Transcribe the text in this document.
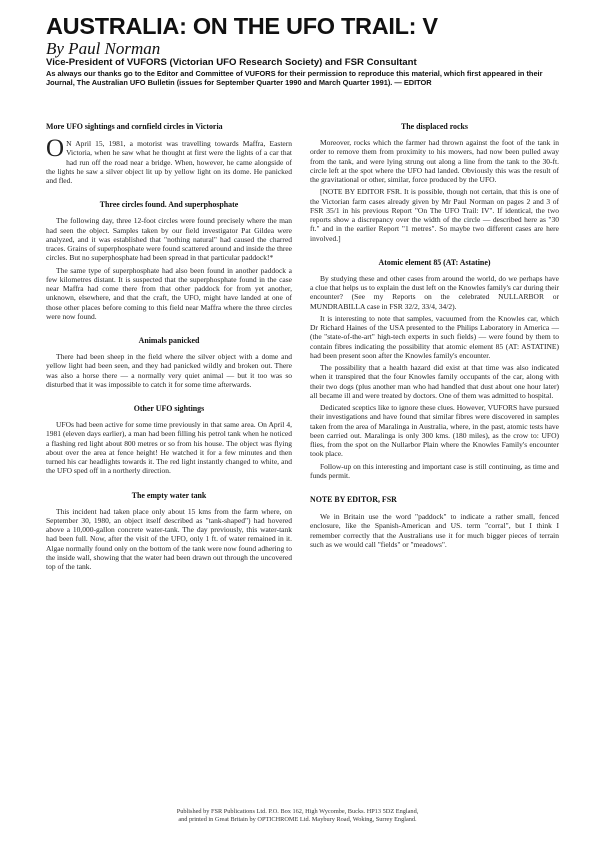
AUSTRALIA: ON THE UFO TRAIL: V
By Paul Norman
Vice-President of VUFORS (Victorian UFO Research Society) and FSR Consultant
As always our thanks go to the Editor and Committee of VUFORS for their permission to reproduce this material, which first appeared in their Journal, The Australian UFO Bulletin (issues for September Quarter 1990 and March Quarter 1991). — EDITOR
More UFO sightings and cornfield circles in Victoria

O N April 15, 1981, a motorist was travelling towards Maffra, Eastern Victoria, when he saw what he thought at first were the lights of a car that had run off the road near a bridge. When, however, he came alongside of the lights he saw a silver object lit up by yellow light on its dome. He panicked and fled.

Three circles found. And superphosphate

The following day, three 12-foot circles were found precisely where the man had seen the object. Samples taken by our field investigator Pat Gildea were analyzed, and it was established that "nothing natural" had caused the charred traces. Grains of superphosphate were found scattered around and inside the three circles. But no superphosphate had been spread in that particular paddock!*

The same type of superphosphate had also been found in another paddock a few kilometres distant. It is suspected that the superphosphate found in the case near Maffra had come there from that other paddock for from yet another, unknown, elsewhere, and that the craft, the UFO, might have landed at one of those other places before coming to this field near Maffra where the three circles were now found.

Animals panicked

There had been sheep in the field where the silver object with a dome and yellow light had been seen, and they had panicked wildly and broken out. There was also a horse there — a normally very quiet animal — but it too was so disturbed that it was impossible to catch it for some time afterwards.

Other UFO sightings

UFOs had been active for some time previously in that same area. On April 4, 1981 (eleven days earlier), a man had been filling his petrol tank when he noticed a flashing red light about 800 metres or so from his house. The object was flying about over the area at fence height! He watched it for a few minutes and then turned his car headlights towards it. The red light instantly changed to white, and the UFO sped off in a northerly direction.

The empty water tank

This incident had taken place only about 15 kms from the farm where, on September 30, 1980, an object itself described as "tank-shaped") had hovered above a 10,000-gallon concrete water-tank. The day previously, this water-tank had been full. Now, after the visit of the UFO, only 1 ft. of water remained in it. Algae normally found only on the bottom of the tank were now found adhering to the inside wall, showing that the water had been drawn out through the uncovered top of the tank.

The displaced rocks

Moreover, rocks which the farmer had thrown against the foot of the tank in order to remove them from proximity to his mowers, had now been pulled away from the tank, and were lying strung out along a line from the tank to the 30-ft. circle left at the spot where the UFO had landed. Obviously this was the result of the gravitational or other, similar, force produced by the UFO.

[NOTE BY EDITOR FSR. It is possible, though not certain, that this is one of the Victorian farm cases already given by Mr Paul Norman on pages 2 and 3 of FSR 35/1 in his previous Report "On The UFO Trail: IV". If identical, the two reports show a discrepancy over the width of the circle — described here as "30 ft." and in the earlier Report "1 metres". So maybe two different cases are here involved.]

Atomic element 85 (AT: Astatine)

By studying these and other cases from around the world, do we perhaps have a clue that helps us to explain the dust left on the Knowles family's car during their encounter? (See my Reports on the celebrated NULLARBOR or MUNDRABILLA case in FSR 32/2, 33/4, 34/2).

It is interesting to note that samples, vacuumed from the Knowles car, which Dr Richard Haines of the USA presented to the Philips Laboratory in America — (the "state-of-the-art" high-tech experts in such fields) — were found by them to contain fibres indicating the possibility that atomic element 85 (AT: ASTATINE) had been present soon after the Knowles family's encounter.

The possibility that a health hazard did exist at that time was also indicated when it transpired that the four Knowles family occupants of the car, along with their two dogs (plus another man who had handled that dust about one hour later) all became ill and were treated by doctors. One of them was admitted to hospital.

Dedicated sceptics like to ignore these clues. However, VUFORS have pursued their investigations and have found that similar fibres were discovered in samples taken from the area of Maralinga in Australia, where, in the past, atomic tests have been carried out. Maralinga is only 300 kms. (180 miles), as the crow to: UFO) flies, from the spot on the Nullarbor Plain where the Knowles Family's encounter took place.

Follow-up on this interesting and important case is still continuing, as time and funds permit.

NOTE BY EDITOR, FSR

We in Britain use the word "paddock" to indicate a rather small, fenced enclosure, like the Spanish-American and US. term "corral", but I think I remember correctly that the Australians use it for much bigger pieces of terrain such as we would call "fields" or "meadows".

Published by FSR Publications Ltd. P.O. Box 162, High Wycombe, Bucks. HP13 5DZ England,
and printed in Great Britain by OPTICHROME Ltd. Maybury Road, Woking, Surrey England.
